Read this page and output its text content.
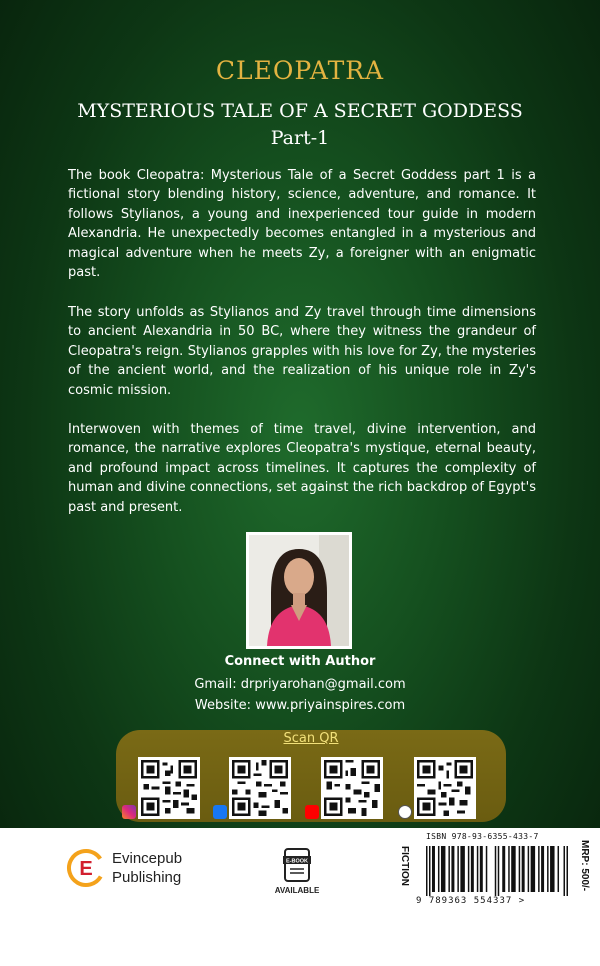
CLEOPATRA
MYSTERIOUS TALE OF A SECRET GODDESS
Part-1

The book Cleopatra: Mysterious Tale of a Secret Goddess part 1 is a fictional story blending history, science, adventure, and romance. It follows Stylianos, a young and inexperienced tour guide in modern Alexandria. He unexpectedly becomes entangled in a mysterious and magical adventure when he meets Zy, a foreigner with an enigmatic past.

The story unfolds as Stylianos and Zy travel through time dimensions to ancient Alexandria in 50 BC, where they witness the grandeur of Cleopatra's reign. Stylianos grapples with his love for Zy, the mysteries of the ancient world, and the realization of his unique role in Zy's cosmic mission.

Interwoven with themes of time travel, divine intervention, and romance, the narrative explores Cleopatra's mystique, eternal beauty, and profound impact across timelines. It captures the complexity of human and divine connections, set against the rich backdrop of Egypt's past and present.

Connect with Author
Gmail: drpriyarohan@gmail.com
Website: www.priyainspires.com
Scan QR
E Evincepub
Publishing
E-BOOK
AVAILABLE
FICTION
ISBN 978-93-6355-433-7
9 789363 554337 >
MRP: 500/-
